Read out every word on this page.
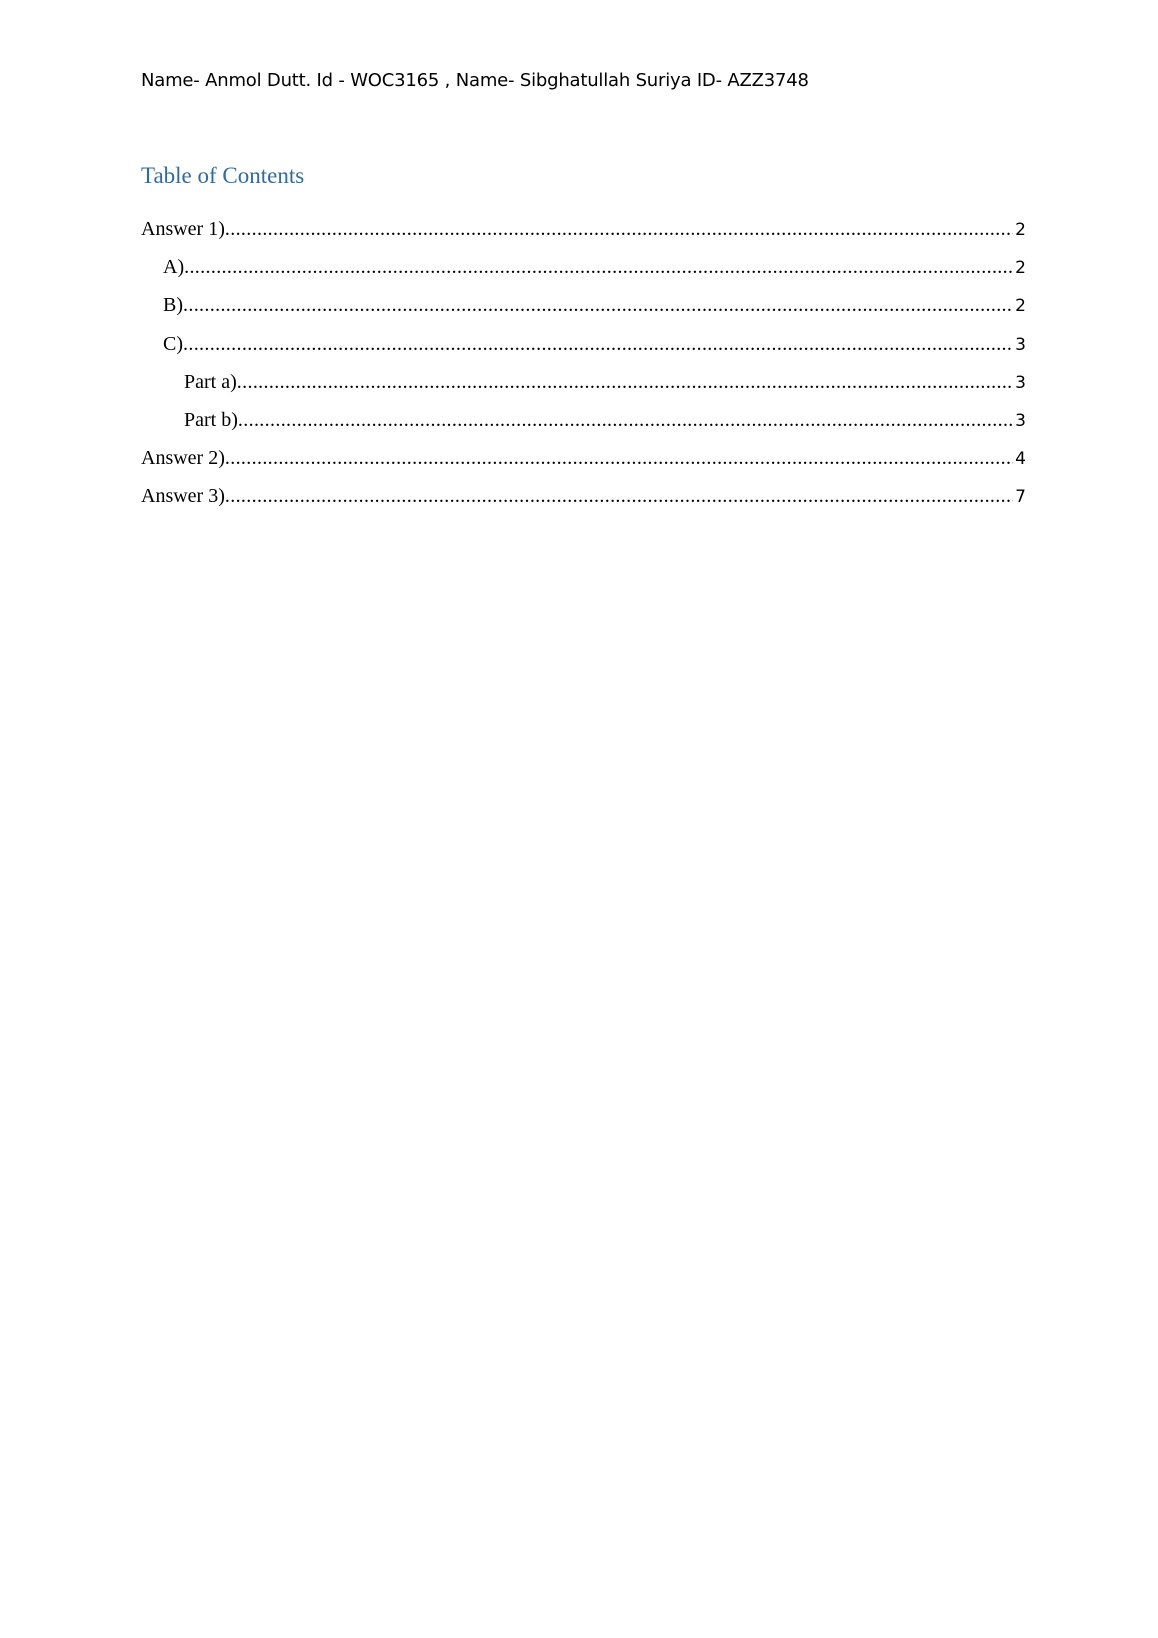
Name- Anmol Dutt. Id - WOC3165 , Name- Sibghatullah Suriya ID- AZZ3748
Table of Contents
Answer 1) .....	2
A) .....	2
B) .....	2
C) .....	3
Part a) .....	3
Part b) .....	3
Answer 2) .....	4
Answer 3) .....	7
